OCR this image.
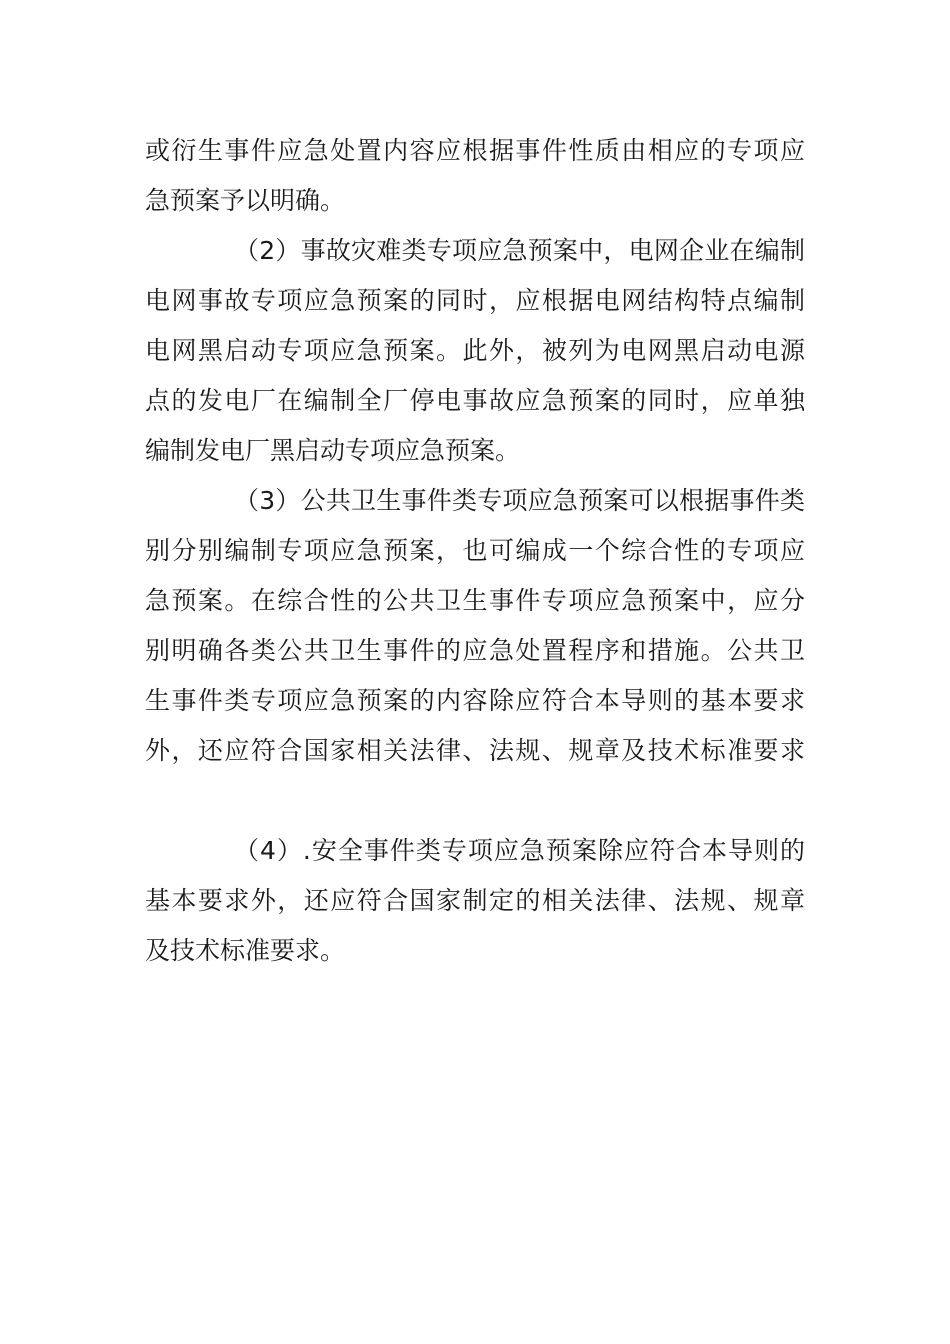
或衍生事件应急处置内容应根据事件性质由相应的专项应
急预案予以明确。
（2）事故灾难类专项应急预案中，电网企业在编制
电网事故专项应急预案的同时，应根据电网结构特点编制
电网黑启动专项应急预案。此外，被列为电网黑启动电源
点的发电厂在编制全厂停电事故应急预案的同时，应单独
编制发电厂黑启动专项应急预案。
（3）公共卫生事件类专项应急预案可以根据事件类
别分别编制专项应急预案，也可编成一个综合性的专项应
急预案。在综合性的公共卫生事件专项应急预案中，应分
别明确各类公共卫生事件的应急处置程序和措施。公共卫
生事件类专项应急预案的内容除应符合本导则的基本要求
外，还应符合国家相关法律、法规、规章及技术标准要求
（4）.安全事件类专项应急预案除应符合本导则的
基本要求外，还应符合国家制定的相关法律、法规、规章
及技术标准要求。
